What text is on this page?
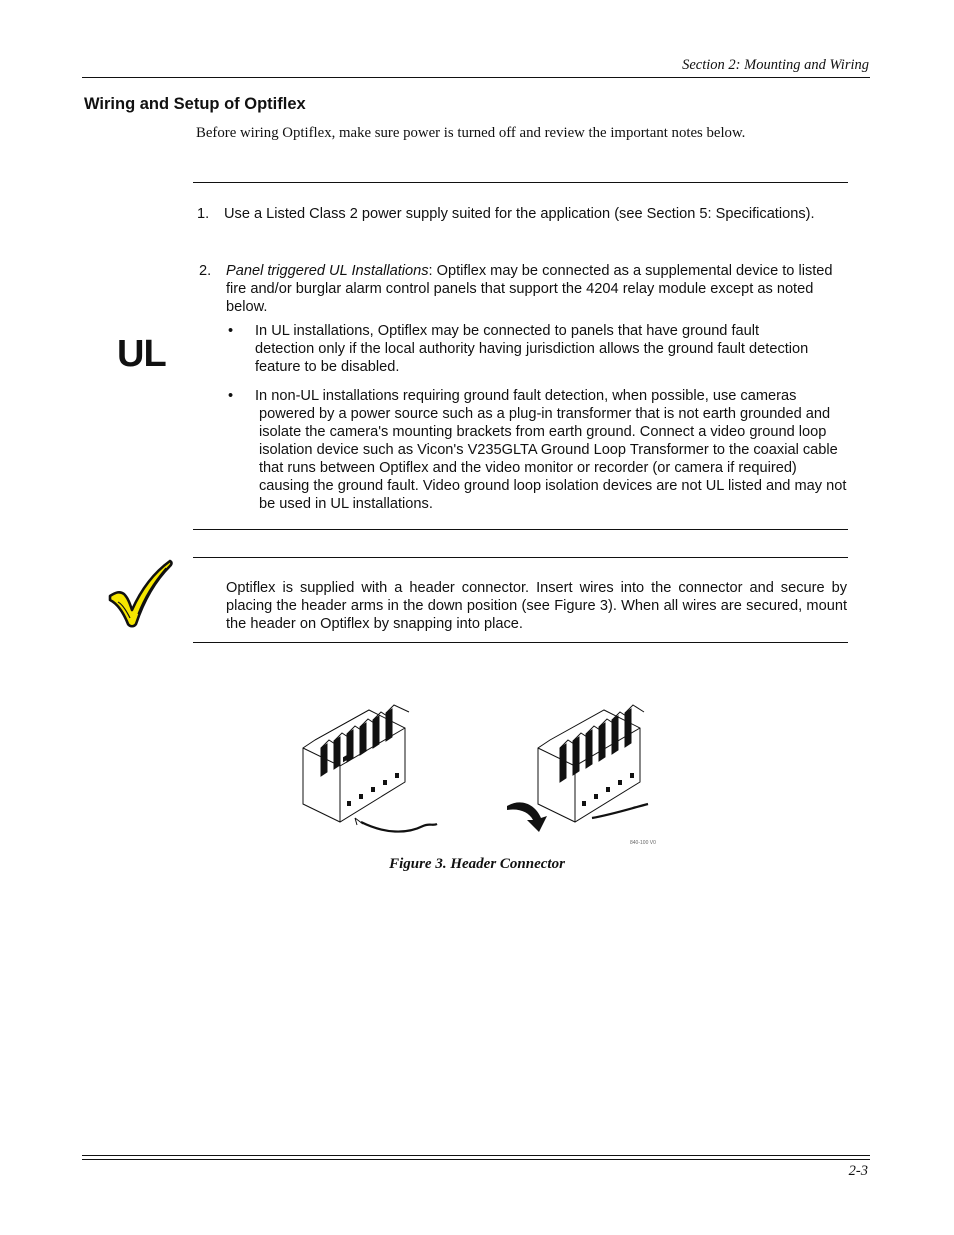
Section 2: Mounting and Wiring
Wiring and Setup of Optiflex
Before wiring Optiflex, make sure power is turned off and review the important notes below.
UL
1. Use a Listed Class 2 power supply suited for the application (see Section 5: Specifications).
2. Panel triggered UL Installations: Optiflex may be connected as a supplemental device to listed fire and/or burglar alarm control panels that support the 4204 relay module except as noted below.
• In UL installations, Optiflex may be connected to panels that have ground fault detection only if the local authority having jurisdiction allows the ground fault detection feature to be disabled.
• In non-UL installations requiring ground fault detection, when possible, use cameras
powered by a power source such as a plug-in transformer that is not earth grounded and isolate the camera's mounting brackets from earth ground. Connect a video ground loop isolation device such as Vicon's V235GLTA Ground Loop Transformer to the coaxial cable that runs between Optiflex and the video monitor or recorder (or camera if required) causing the ground fault. Video ground loop isolation devices are not UL listed and may not be used in UL installations.
Optiflex is supplied with a header connector. Insert wires into the connector and secure by placing the header arms in the down position (see Figure 3). When all wires are secured, mount the header on Optiflex by snapping into place.
840-100 V0
Figure 3. Header Connector
2-3
